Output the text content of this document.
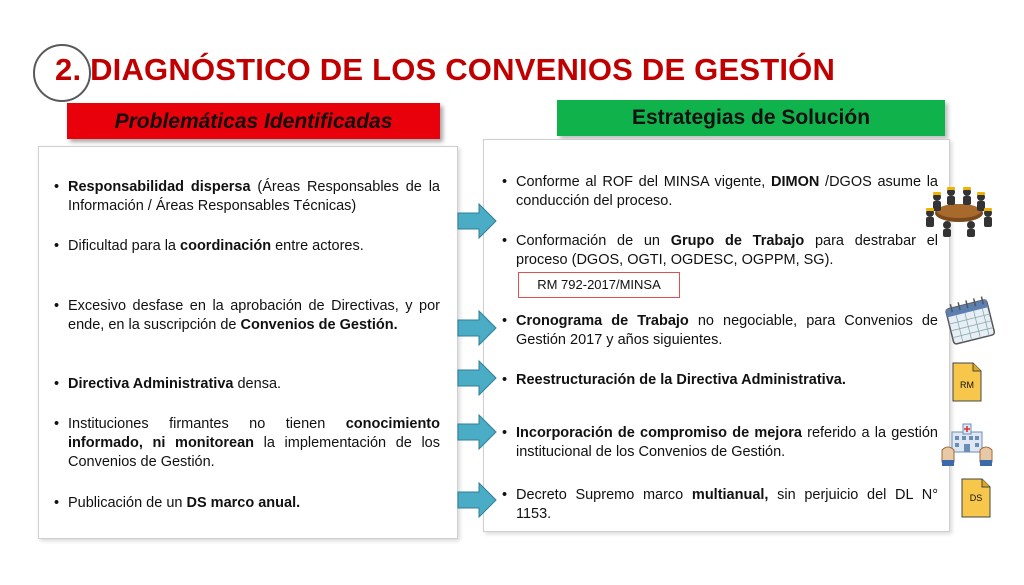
2. DIAGNÓSTICO DE LOS CONVENIOS DE GESTIÓN
Problemáticas Identificadas	Estrategias de Solución
• Responsabilidad dispersa (Áreas Responsables de la Información / Áreas Responsables Técnicas)
• Dificultad para la coordinación entre actores.
• Excesivo desfase en la aprobación de Directivas, y por ende, en la suscripción de Convenios de Gestión.
• Directiva Administrativa densa.
• Instituciones firmantes no tienen conocimiento informado, ni monitorean la implementación de los Convenios de Gestión.
• Publicación de un DS marco anual.
• Conforme al ROF del MINSA vigente, DIMON /DGOS asume la conducción del proceso.
• Conformación de un Grupo de Trabajo para destrabar el proceso (DGOS, OGTI, OGDESC, OGPPM, SG).
RM 792-2017/MINSA
• Cronograma de Trabajo no negociable, para Convenios de Gestión 2017 y años siguientes.
• Reestructuración de la Directiva Administrativa.
• Incorporación de compromiso de mejora referido a la gestión institucional de los Convenios de Gestión.
• Decreto Supremo marco multianual, sin perjuicio del DL N° 1153.
RM
DS
